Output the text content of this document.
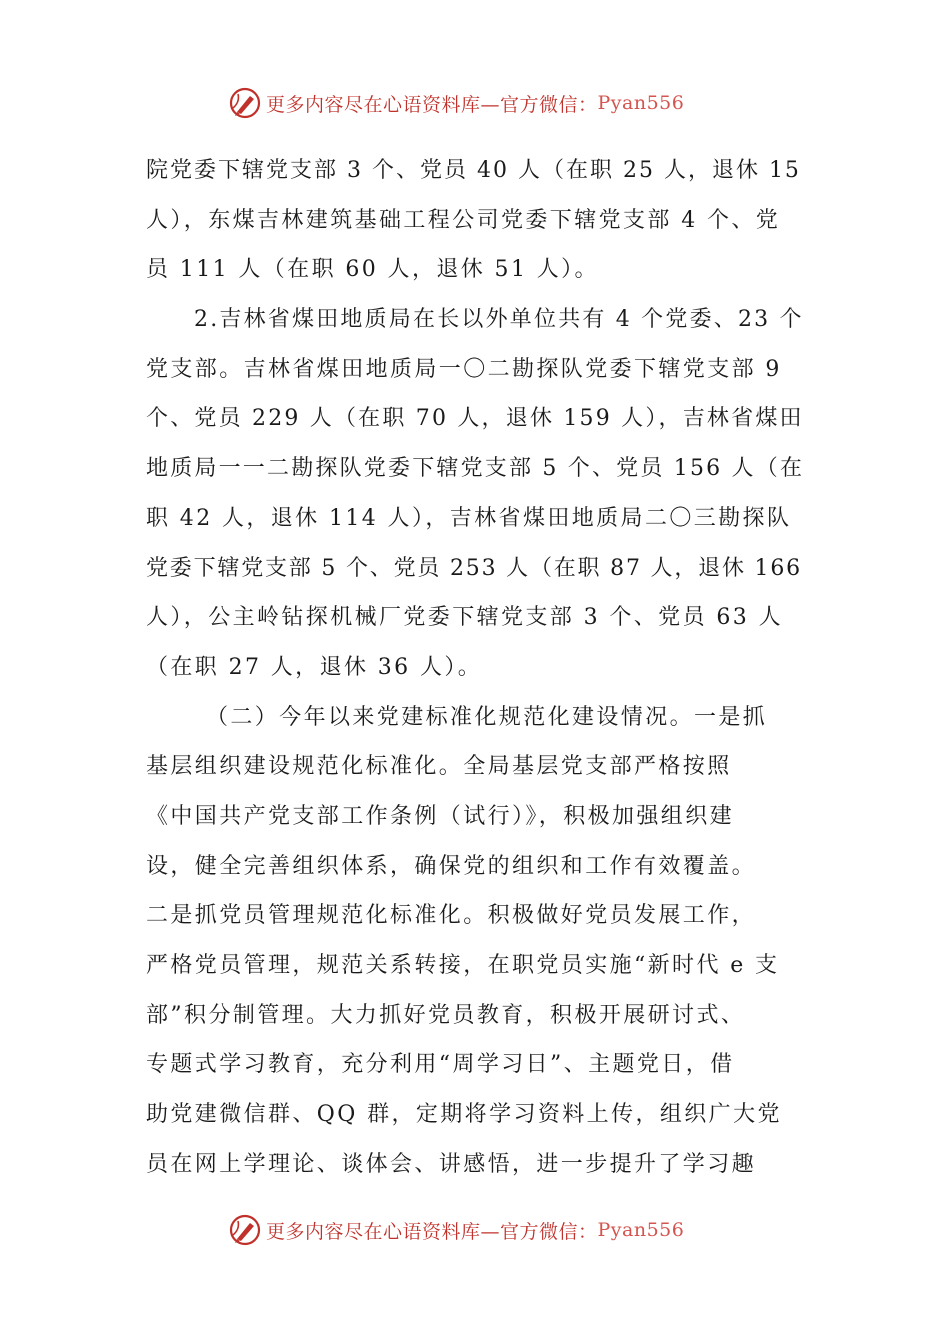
更多内容尽在心语资料库—官方微信： Pyan556
院党委下辖党支部 3 个、党员 40 人（在职 25 人，退休 15
人），东煤吉林建筑基础工程公司党委下辖党支部 4 个、党
员 111 人（在职 60 人，退休 51 人）。
2.吉林省煤田地质局在长以外单位共有 4 个党委、23 个
党支部。吉林省煤田地质局一〇二勘探队党委下辖党支部 9
个、党员 229 人（在职 70 人，退休 159 人），吉林省煤田
地质局一一二勘探队党委下辖党支部 5 个、党员 156 人（在
职 42 人，退休 114 人），吉林省煤田地质局二〇三勘探队
党委下辖党支部 5 个、党员 253 人（在职 87 人，退休 166
人），公主岭钻探机械厂党委下辖党支部 3 个、党员 63 人
（在职 27 人，退休 36 人）。
（二）今年以来党建标准化规范化建设情况。一是抓
基层组织建设规范化标准化。全局基层党支部严格按照
《中国共产党支部工作条例（试行）》，积极加强组织建
设，健全完善组织体系，确保党的组织和工作有效覆盖。
二是抓党员管理规范化标准化。积极做好党员发展工作，
严格党员管理，规范关系转接，在职党员实施“新时代 e 支
部”积分制管理。大力抓好党员教育，积极开展研讨式、
专题式学习教育，充分利用“周学习日”、主题党日，借
助党建微信群、QQ 群，定期将学习资料上传，组织广大党
员在网上学理论、谈体会、讲感悟，进一步提升了学习趣
更多内容尽在心语资料库—官方微信： Pyan556
